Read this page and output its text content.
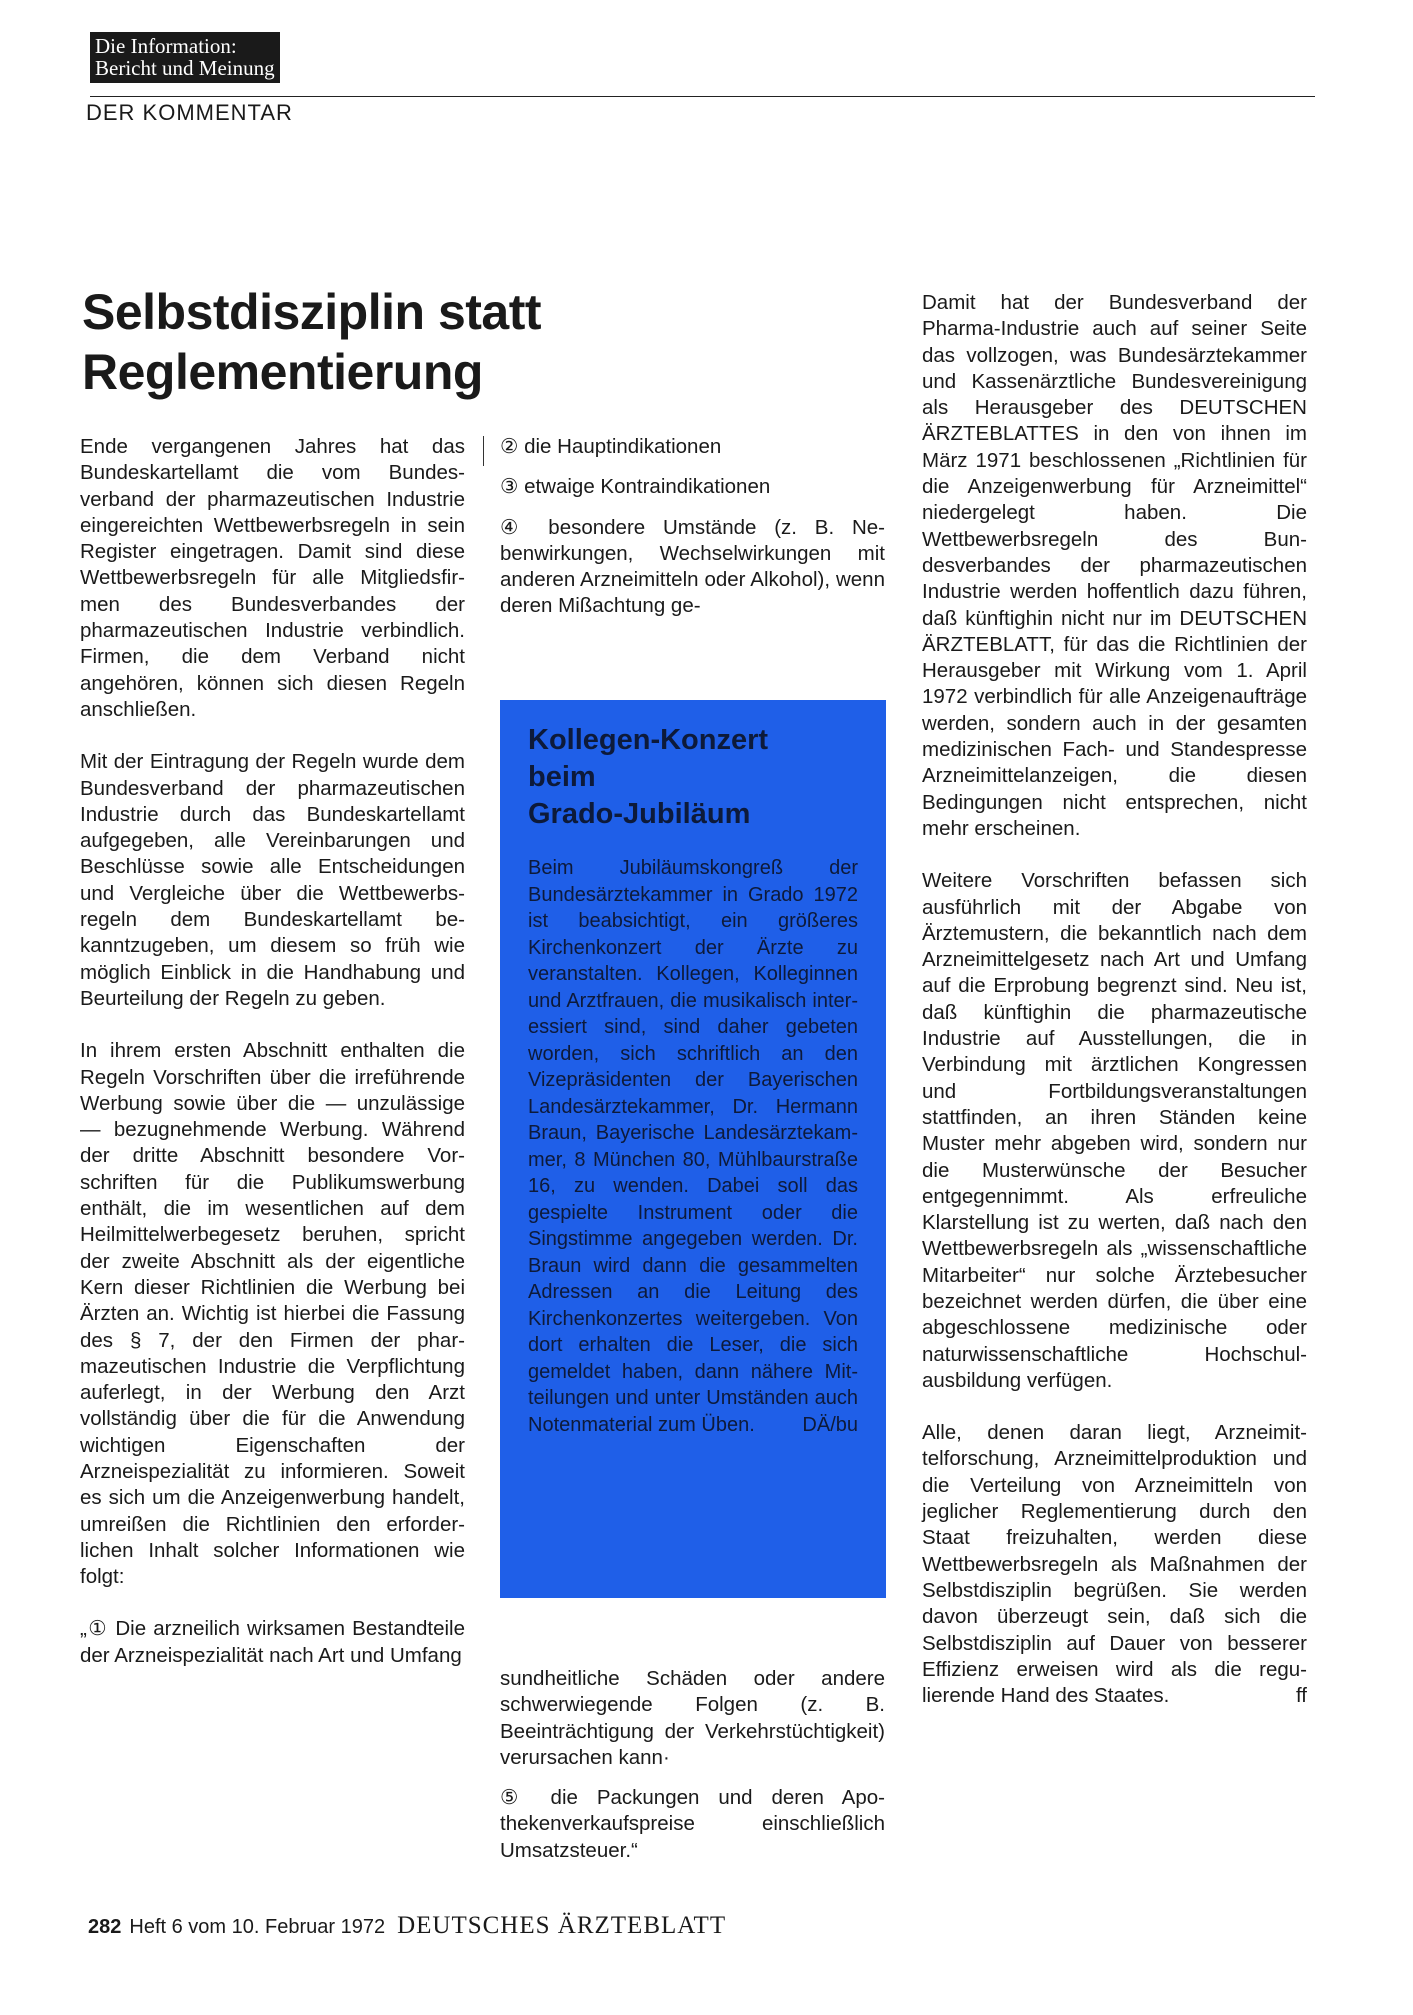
Die Information:
Bericht und Meinung
DER KOMMENTAR
Selbstdisziplin statt
Reglementierung

Ende vergangenen Jahres hat das Bundeskartellamt die vom Bundesverband der pharmazeutischen Industrie eingereichten Wettbewerbsregeln in sein Register eingetragen. Damit sind diese Wettbewerbsregeln für alle Mitgliedsfirmen des Bundesverbandes der pharmazeutischen Industrie verbindlich. Firmen, die dem Verband nicht angehören, können sich diesen Regeln anschließen.

Mit der Eintragung der Regeln wurde dem Bundesverband der pharmazeutischen Industrie durch das Bundeskartellamt aufgegeben, alle Vereinbarungen und Beschlüsse sowie alle Entscheidungen und Vergleiche über die Wettbewerbsregeln dem Bundeskartellamt bekanntzugeben, um diesem so früh wie möglich Einblick in die Handhabung und Beurteilung der Regeln zu geben.

In ihrem ersten Abschnitt enthalten die Regeln Vorschriften über die irreführende Werbung sowie über die — unzulässige — bezugnehmende Werbung. Während der dritte Abschnitt besondere Vorschriften für die Publikumswerbung enthält, die im wesentlichen auf dem Heilmittelwerbegesetz beruhen, spricht der zweite Abschnitt als der eigentliche Kern dieser Richtlinien die Werbung bei Ärzten an. Wichtig ist hierbei die Fassung des § 7, der den Firmen der pharmazeutischen Industrie die Verpflichtung auferlegt, in der Werbung den Arzt vollständig über die für die Anwendung wichtigen Eigenschaften der Arzneispezialität zu informieren. Soweit es sich um die Anzeigenwerbung handelt, umreißen die Richtlinien den erforderlichen Inhalt solcher Informationen wie folgt:

„① Die arzneilich wirksamen Bestandteile der Arzneispezialität nach Art und Umfang

② die Hauptindikationen

③ etwaige Kontraindikationen

④ besondere Umstände (z. B. Nebenwirkungen, Wechselwirkungen mit anderen Arzneimitteln oder Alkohol), wenn deren Mißachtung ge-

Kollegen-Konzert
beim
Grado-Jubiläum

Beim Jubiläumskongreß der Bundesärztekammer in Grado 1972 ist beabsichtigt, ein größeres Kirchenkonzert der Ärzte zu veranstalten. Kollegen, Kolleginnen und Arztfrauen, die musikalisch interessiert sind, sind daher gebeten worden, sich schriftlich an den Vizepräsidenten der Bayerischen Landesärztekammer, Dr. Hermann Braun, Bayerische Landesärztekammer, 8 München 80, Mühlbaurstraße 16, zu wenden. Dabei soll das gespielte Instrument oder die Singstimme angegeben werden. Dr. Braun wird dann die gesammelten Adressen an die Leitung des Kirchenkonzertes weitergeben. Von dort erhalten die Leser, die sich gemeldet haben, dann nähere Mitteilungen und unter Umständen auch Notenmaterial zum Üben. DÄ/bu

sundheitliche Schäden oder andere schwerwiegende Folgen (z. B. Beeinträchtigung der Verkehrstüchtigkeit) verursachen kann·

⑤ die Packungen und deren Apothekenverkaufspreise einschließlich Umsatzsteuer.“

Damit hat der Bundesverband der Pharma-Industrie auch auf seiner Seite das vollzogen, was Bundesärztekammer und Kassenärztliche Bundesvereinigung als Herausgeber des DEUTSCHEN ÄRZTEBLATTES in den von ihnen im März 1971 beschlossenen „Richtlinien für die Anzeigenwerbung für Arzneimittel“ niedergelegt haben. Die Wettbewerbsregeln des Bundesverbandes der pharmazeutischen Industrie werden hoffentlich dazu führen, daß künftighin nicht nur im DEUTSCHEN ÄRZTEBLATT, für das die Richtlinien der Herausgeber mit Wirkung vom 1. April 1972 verbindlich für alle Anzeigenaufträge werden, sondern auch in der gesamten medizinischen Fach- und Standespresse Arzneimittelanzeigen, die diesen Bedingungen nicht entsprechen, nicht mehr erscheinen.

Weitere Vorschriften befassen sich ausführlich mit der Abgabe von Ärztemustern, die bekanntlich nach dem Arzneimittelgesetz nach Art und Umfang auf die Erprobung begrenzt sind. Neu ist, daß künftighin die pharmazeutische Industrie auf Ausstellungen, die in Verbindung mit ärztlichen Kongressen und Fortbildungsveranstaltungen stattfinden, an ihren Ständen keine Muster mehr abgeben wird, sondern nur die Musterwünsche der Besucher entgegennimmt. Als erfreuliche Klarstellung ist zu werten, daß nach den Wettbewerbsregeln als „wissenschaftliche Mitarbeiter“ nur solche Ärztebesucher bezeichnet werden dürfen, die über eine abgeschlossene medizinische oder naturwissenschaftliche Hochschulausbildung verfügen.

Alle, denen daran liegt, Arzneimittelforschung, Arzneimittelproduktion und die Verteilung von Arzneimitteln von jeglicher Reglementierung durch den Staat freizuhalten, werden diese Wettbewerbsregeln als Maßnahmen der Selbstdisziplin begrüßen. Sie werden davon überzeugt sein, daß sich die Selbstdisziplin auf Dauer von besserer Effizienz erweisen wird als die regulierende Hand des Staates.	ff

282 Heft 6 vom 10. Februar 1972 DEUTSCHES ÄRZTEBLATT
